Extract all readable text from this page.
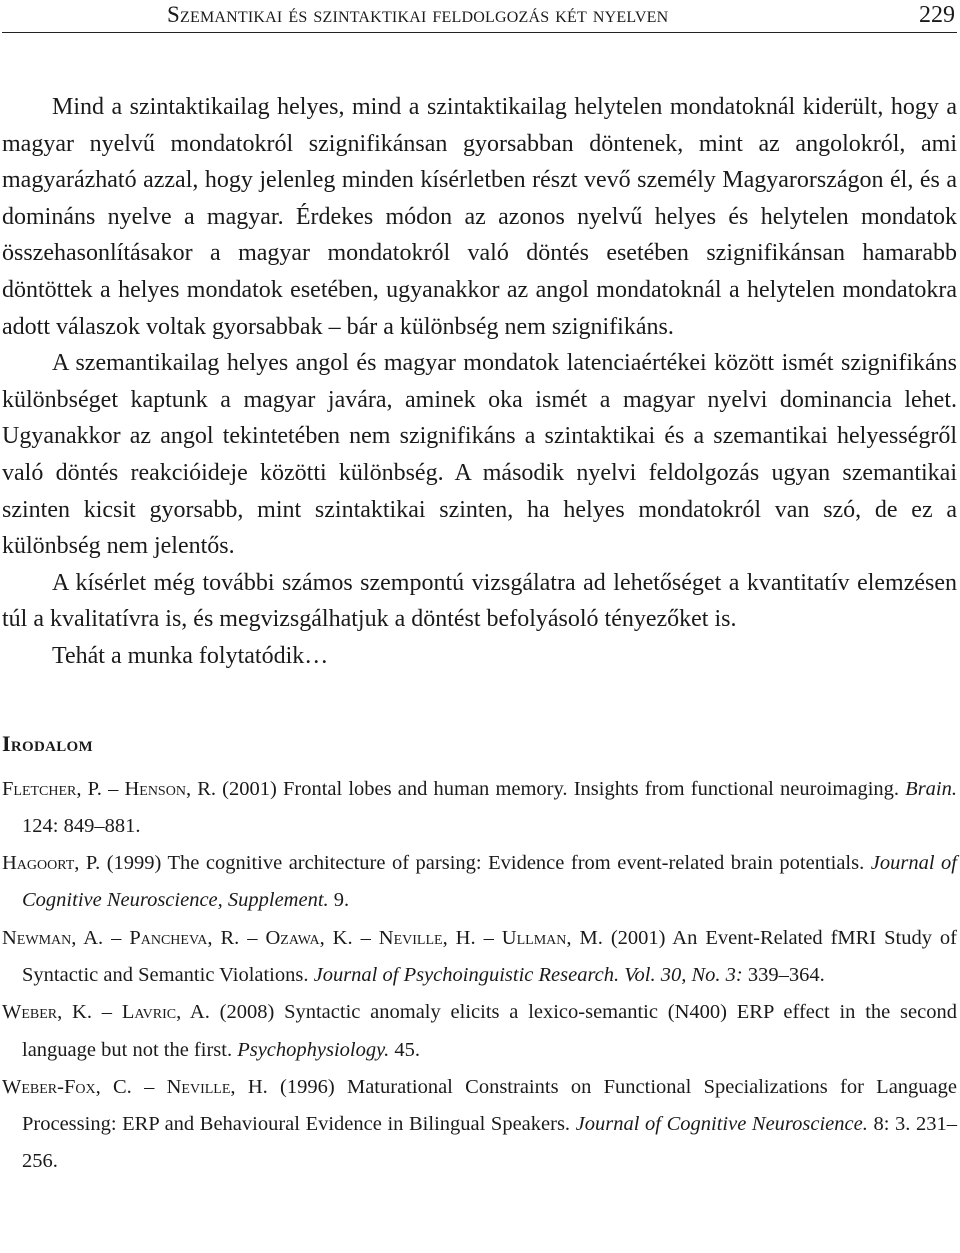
Szemantikai és szintaktikai feldolgozás két nyelven	229

Mind a szintaktikailag helyes, mind a szintaktikailag helytelen mondatoknál kiderült, hogy a magyar nyelvű mondatokról szignifikánsan gyorsabban döntenek, mint az angolokról, ami magyarázható azzal, hogy jelenleg minden kísérletben részt vevő személy Magyarországon él, és a domináns nyelve a magyar. Érdekes módon az azonos nyelvű helyes és helytelen mondatok összehasonlításakor a magyar mondatokról való döntés esetében szignifikánsan hamarabb döntöttek a helyes mondatok esetében, ugyanakkor az angol mondatoknál a helytelen mondatokra adott válaszok voltak gyorsabbak – bár a különbség nem szignifikáns.

A szemantikailag helyes angol és magyar mondatok latenciaértékei között ismét szignifikáns különbséget kaptunk a magyar javára, aminek oka ismét a magyar nyelvi dominancia lehet. Ugyanakkor az angol tekintetében nem szignifikáns a szintaktikai és a szemantikai helyességről való döntés reakcióideje közötti különbség. A második nyelvi feldolgozás ugyan szemantikai szinten kicsit gyorsabb, mint szintaktikai szinten, ha helyes mondatokról van szó, de ez a különbség nem jelentős.

A kísérlet még további számos szempontú vizsgálatra ad lehetőséget a kvantitatív elemzésen túl a kvalitatívra is, és megvizsgálhatjuk a döntést befolyásoló tényezőket is.

Tehát a munka folytatódik…

Irodalom
Fletcher, P. – Henson, R. (2001) Frontal lobes and human memory. Insights from functional neuroimaging. Brain. 124: 849–881.
Hagoort, P. (1999) The cognitive architecture of parsing: Evidence from event-related brain potentials. Journal of Cognitive Neuroscience, Supplement. 9.
Newman, A. – Pancheva, R. – Ozawa, K. – Neville, H. – Ullman, M. (2001) An Event-Related fMRI Study of Syntactic and Semantic Violations. Journal of Psychoinguistic Research. Vol. 30, No. 3: 339–364.
Weber, K. – Lavric, A. (2008) Syntactic anomaly elicits a lexico-semantic (N400) ERP effect in the second language but not the first. Psychophysiology. 45.
Weber-Fox, C. – Neville, H. (1996) Maturational Constraints on Functional Specializations for Language Processing: ERP and Behavioural Evidence in Bilingual Speakers. Journal of Cognitive Neuroscience. 8: 3. 231–256.
